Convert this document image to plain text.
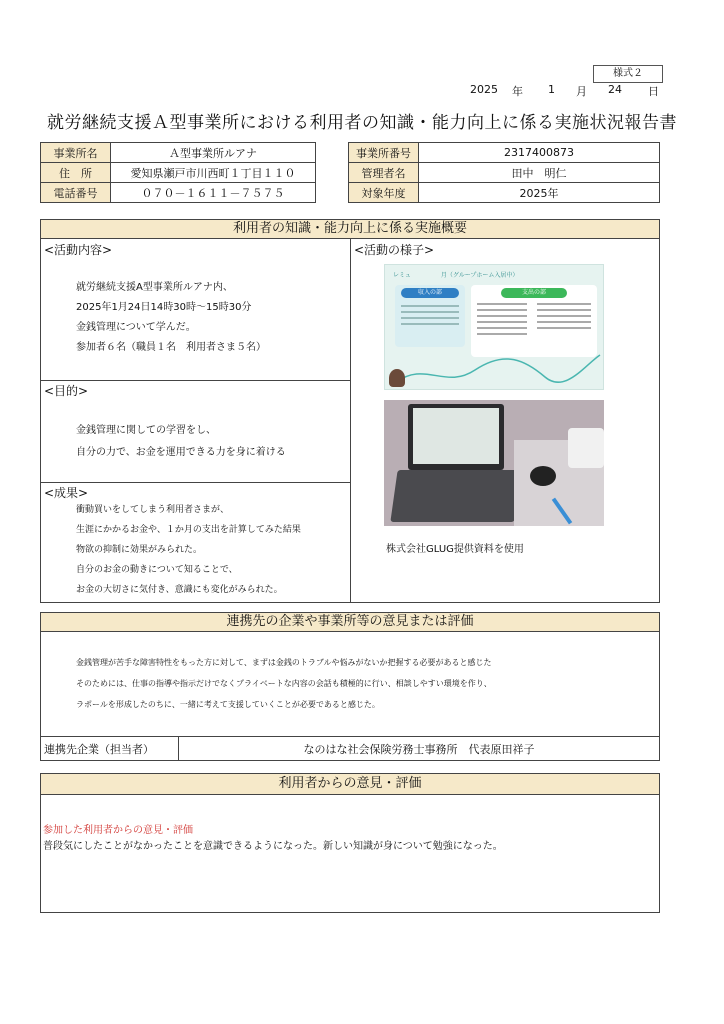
様式２
2025 年 1 月 24 日
就労継続支援Ａ型事業所における利用者の知識・能力向上に係る実施状況報告書
事業所名	Ａ型事業所ルアナ
住　所	愛知県瀬戸市川西町１丁目１１０
電話番号	０７０－１６１１－７５７５
事業所番号	2317400873
管理者名	田中　明仁
対象年度	2025年
利用者の知識・能力向上に係る実施概要
<活動内容>
就労継続支援A型事業所ルアナ内、
2025年1月24日14時30時～15時30分
金銭管理について学んだ。
参加者６名（職員１名　利用者さま５名）
<目的>
金銭管理に関しての学習をし、
自分の力で、お金を運用できる力を身に着ける
<成果>
衝動買いをしてしまう利用者さまが、
生涯にかかるお金や、１か月の支出を計算してみた結果
物欲の抑制に効果がみられた。
自分のお金の動きについて知ることで、
お金の大切さに気付き、意識にも変化がみられた。
<活動の様子>
レミュ　　　　　月（グループホーム入居中）
収入の部	支出の部
株式会社GLUG提供資料を使用
連携先の企業や事業所等の意見または評価
金銭管理が苦手な障害特性をもった方に対して、まずは金銭のトラブルや悩みがないか把握する必要があると感じた
そのためには、仕事の指導や指示だけでなくプライベートな内容の会話も積極的に行い、相談しやすい環境を作り、
ラポールを形成したのちに、一緒に考えて支援していくことが必要であると感じた。
連携先企業（担当者）	なのはな社会保険労務士事務所　代表原田祥子
利用者からの意見・評価
参加した利用者からの意見・評価
普段気にしたことがなかったことを意識できるようになった。新しい知識が身について勉強になった。
